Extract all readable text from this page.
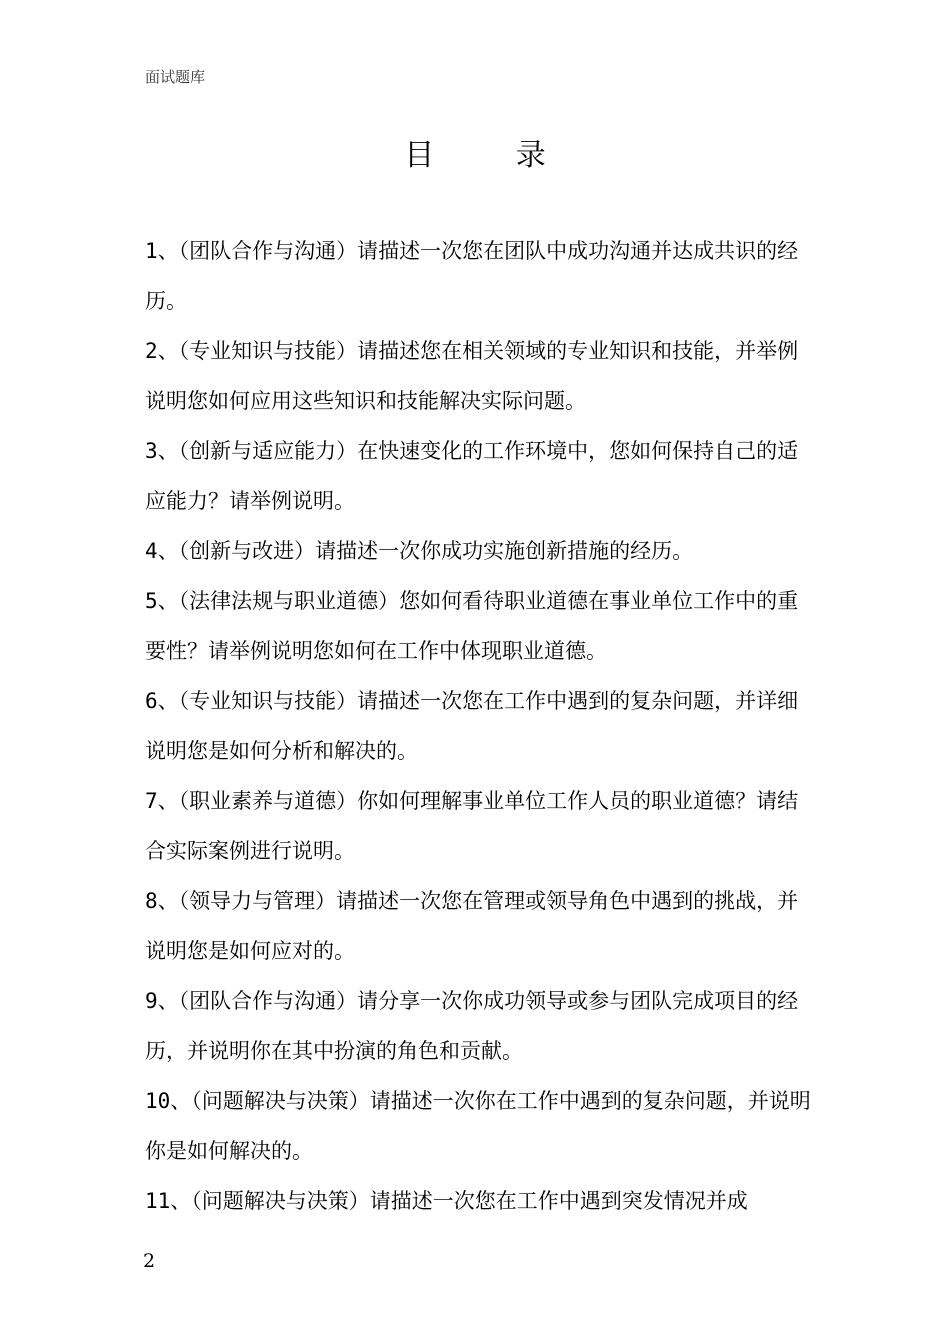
面试题库
目 录

1、（团队合作与沟通）请描述一次您在团队中成功沟通并达成共识的经历。

2、（专业知识与技能）请描述您在相关领域的专业知识和技能，并举例说明您如何应用这些知识和技能解决实际问题。

3、（创新与适应能力）在快速变化的工作环境中，您如何保持自己的适应能力？请举例说明。

4、（创新与改进）请描述一次你成功实施创新措施的经历。

5、（法律法规与职业道德）您如何看待职业道德在事业单位工作中的重要性？请举例说明您如何在工作中体现职业道德。

6、（专业知识与技能）请描述一次您在工作中遇到的复杂问题，并详细说明您是如何分析和解决的。

7、（职业素养与道德）你如何理解事业单位工作人员的职业道德？请结合实际案例进行说明。

8、（领导力与管理）请描述一次您在管理或领导角色中遇到的挑战，并说明您是如何应对的。

9、（团队合作与沟通）请分享一次你成功领导或参与团队完成项目的经历，并说明你在其中扮演的角色和贡献。

10、（问题解决与决策）请描述一次你在工作中遇到的复杂问题，并说明你是如何解决的。

11、（问题解决与决策）请描述一次您在工作中遇到突发情况并成

2
